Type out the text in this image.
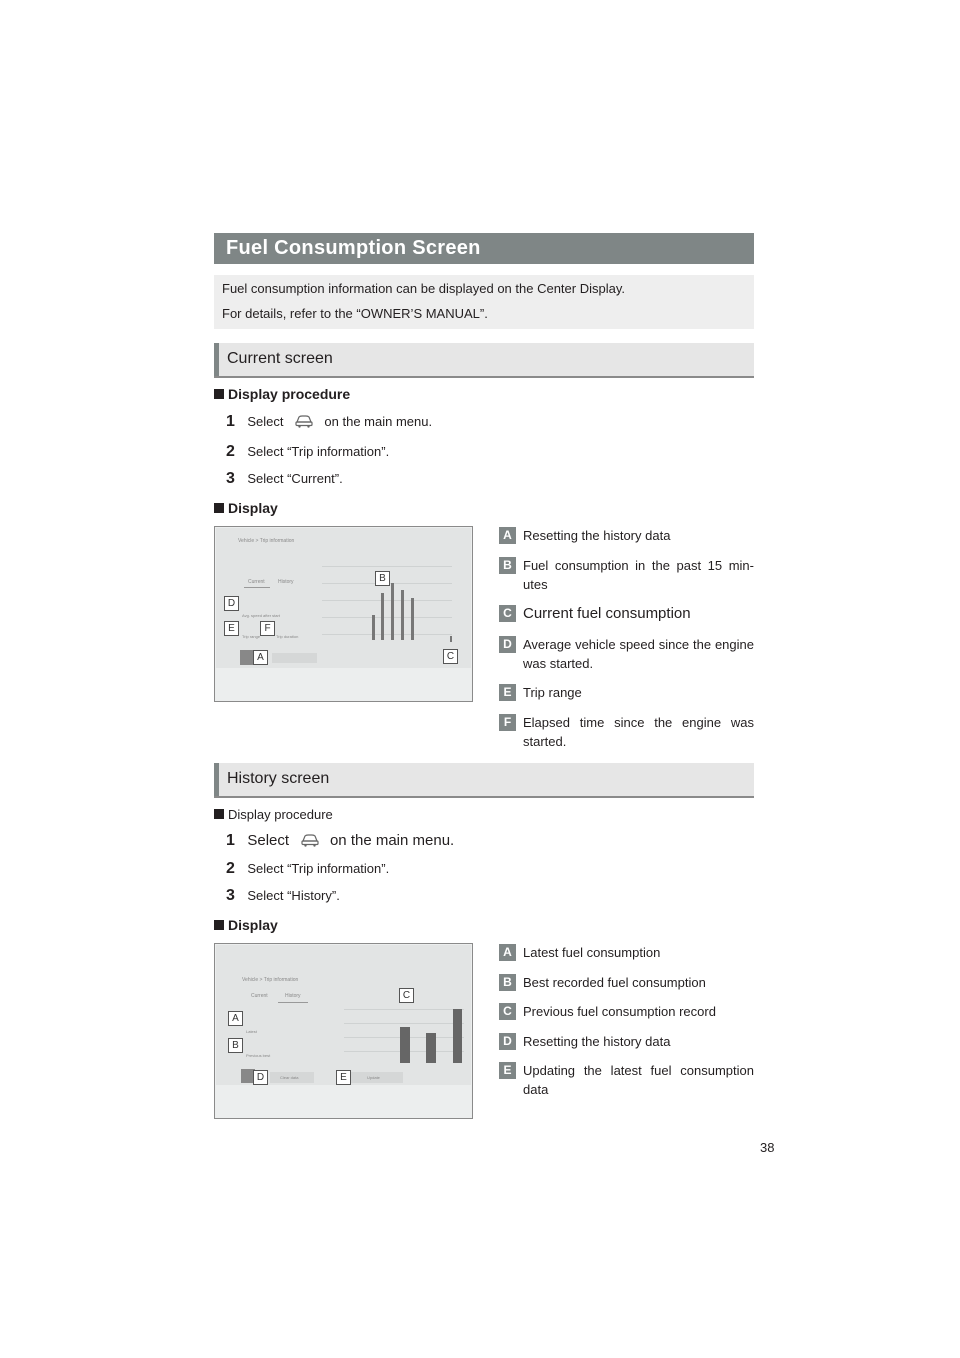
Fuel Consumption Screen
Fuel consumption information can be displayed on the Center Display.
For details, refer to the “OWNER’S MANUAL”.
Current screen
Display procedure
1 Select	on the main menu.
2 Select “Trip information”.
3 Select “Current”.
Display
Vehicle > Trip information
Current	History
Avg. speed after start
Trip range	Trip duration
B
C
D
E	F
A
A Resetting the history data
B Fuel consumption in the past 15 min-utes
C Current fuel consumption
D Average vehicle speed since the engine was started.
E Trip range
F Elapsed time since the engine was started.
History screen
Display procedure
1 Select	on the main menu.
2 Select “Trip information”.
3 Select “History”.
Display
Vehicle > Trip information
Current	History
Latest
Previous best
Clear data	Update
C
A
B
D	E
A Latest fuel consumption
B Best recorded fuel consumption
C Previous fuel consumption record
D Resetting the history data
E Updating the latest fuel consumption data
38
